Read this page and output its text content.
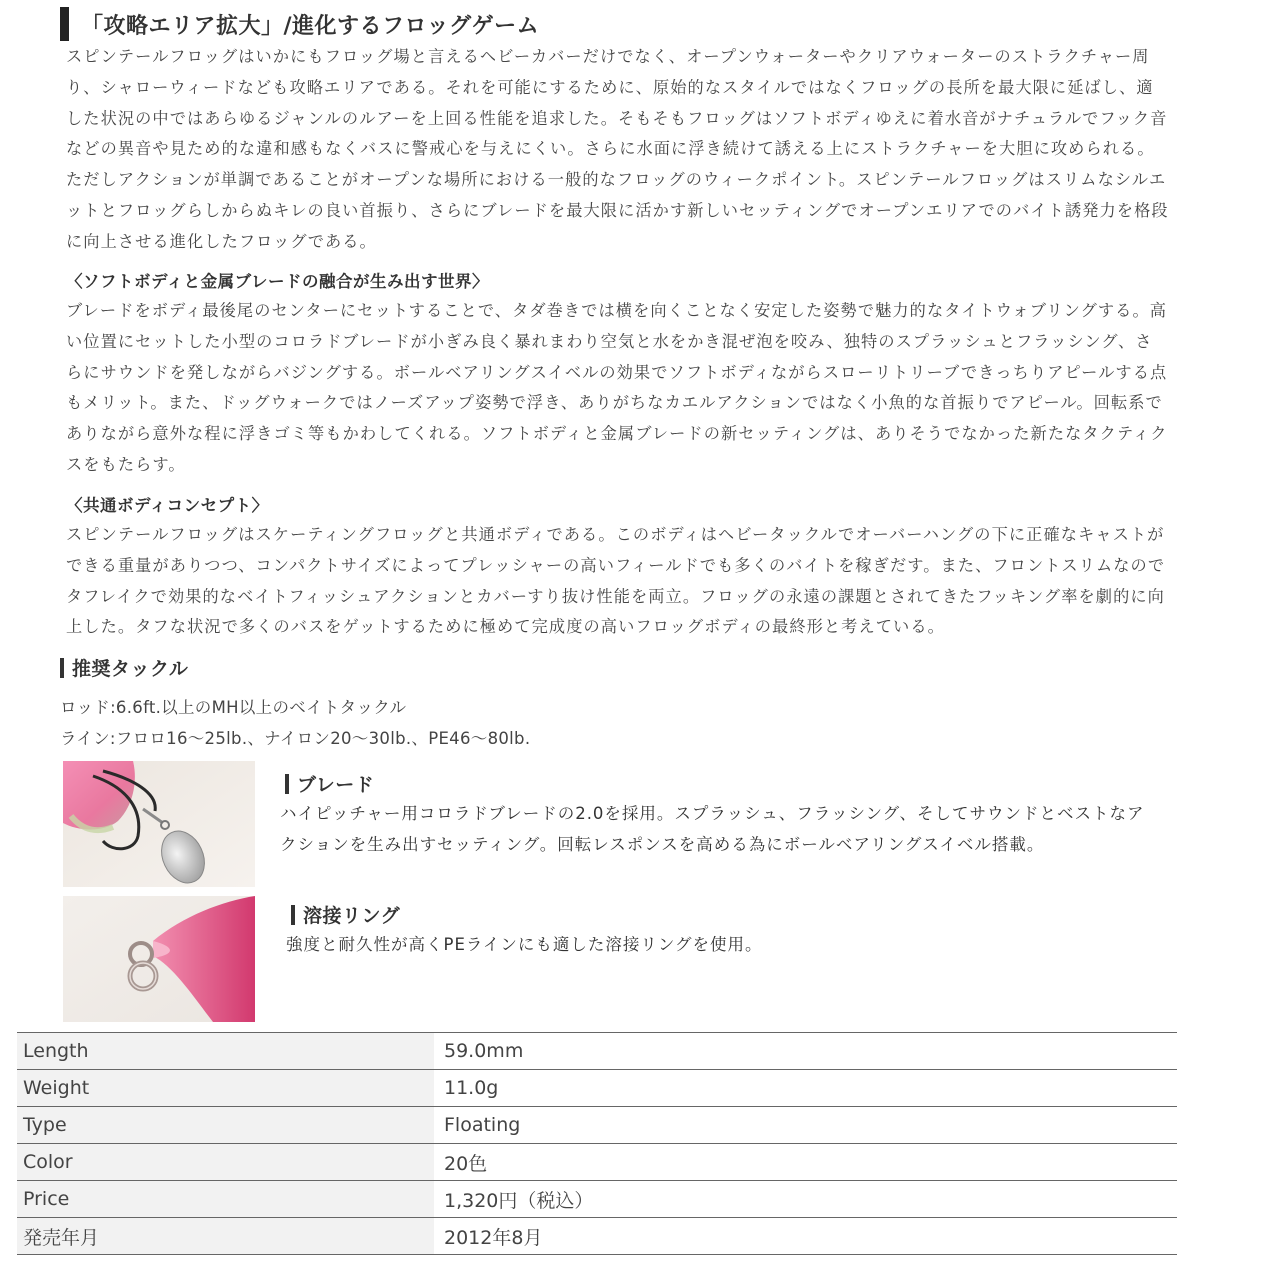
「攻略エリア拡大」/進化するフロッグゲーム
スピンテールフロッグはいかにもフロッグ場と言えるヘビーカバーだけでなく、オープンウォーターやクリアウォーターのストラクチャー周
り、シャローウィードなども攻略エリアである。それを可能にするために、原始的なスタイルではなくフロッグの長所を最大限に延ばし、適
した状況の中ではあらゆるジャンルのルアーを上回る性能を追求した。そもそもフロッグはソフトボディゆえに着水音がナチュラルでフック音
などの異音や見ため的な違和感もなくバスに警戒心を与えにくい。さらに水面に浮き続けて誘える上にストラクチャーを大胆に攻められる。
ただしアクションが単調であることがオープンな場所における一般的なフロッグのウィークポイント。スピンテールフロッグはスリムなシルエ
ットとフロッグらしからぬキレの良い首振り、さらにブレードを最大限に活かす新しいセッティングでオープンエリアでのバイト誘発力を格段
に向上させる進化したフロッグである。
〈ソフトボディと金属ブレードの融合が生み出す世界〉
ブレードをボディ最後尾のセンターにセットすることで、タダ巻きでは横を向くことなく安定した姿勢で魅力的なタイトウォブリングする。高
い位置にセットした小型のコロラドブレードが小ぎみ良く暴れまわり空気と水をかき混ぜ泡を咬み、独特のスプラッシュとフラッシング、さ
らにサウンドを発しながらバジングする。ボールベアリングスイベルの効果でソフトボディながらスローリトリーブできっちりアピールする点
もメリット。また、ドッグウォークではノーズアップ姿勢で浮き、ありがちなカエルアクションではなく小魚的な首振りでアピール。回転系で
ありながら意外な程に浮きゴミ等もかわしてくれる。ソフトボディと金属ブレードの新セッティングは、ありそうでなかった新たなタクティク
スをもたらす。
〈共通ボディコンセプト〉
スピンテールフロッグはスケーティングフロッグと共通ボディである。このボディはヘビータックルでオーバーハングの下に正確なキャストが
できる重量がありつつ、コンパクトサイズによってプレッシャーの高いフィールドでも多くのバイトを稼ぎだす。また、フロントスリムなので
タフレイクで効果的なベイトフィッシュアクションとカバーすり抜け性能を両立。フロッグの永遠の課題とされてきたフッキング率を劇的に向
上した。タフな状況で多くのバスをゲットするために極めて完成度の高いフロッグボディの最終形と考えている。
推奨タックル
ロッド:6.6ft.以上のMH以上のベイトタックル
ライン:フロロ16〜25lb.、ナイロン20〜30lb.、PE46〜80lb.
ブレード
ハイピッチャー用コロラドブレードの2.0を採用。スプラッシュ、フラッシング、そしてサウンドとベストなア
クションを生み出すセッティング。回転レスポンスを高める為にボールベアリングスイベル搭載。
溶接リング
強度と耐久性が高くPEラインにも適した溶接リングを使用。
Length	59.0mm
Weight	11.0g
Type	Floating
Color	20色
Price	1,320円（税込）
発売年月	2012年8月
